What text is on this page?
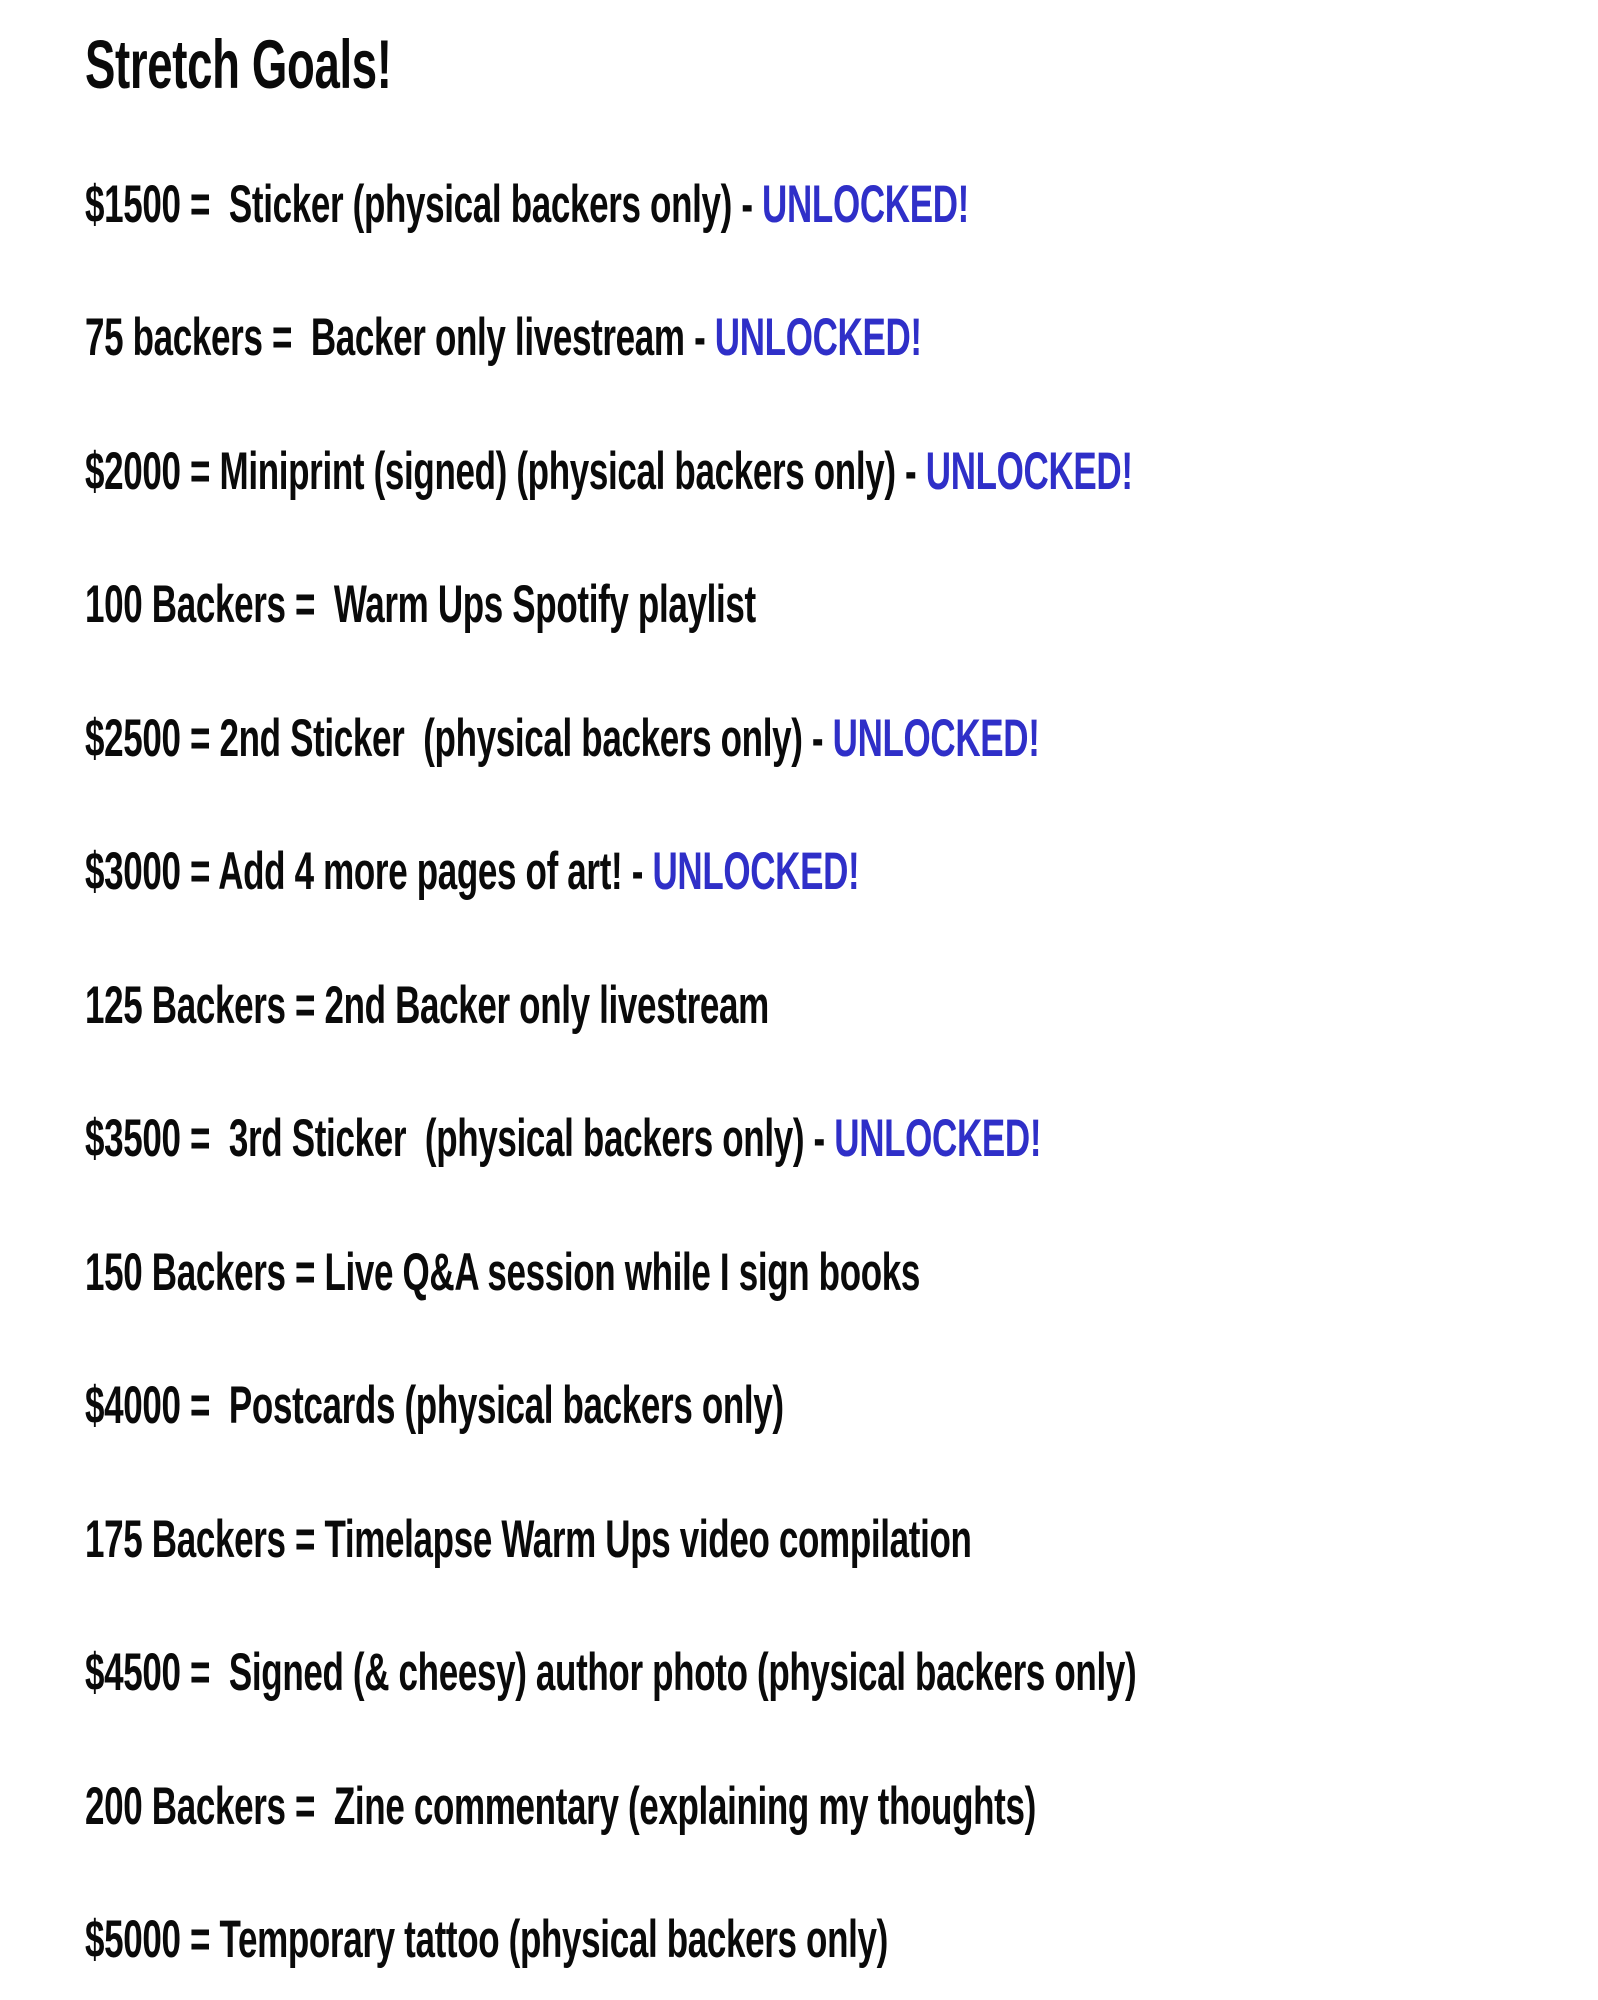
Stretch Goals!
$1500 =  Sticker (physical backers only) - UNLOCKED!
75 backers =  Backer only livestream - UNLOCKED!
$2000 = Miniprint (signed) (physical backers only) - UNLOCKED!
100 Backers =  Warm Ups Spotify playlist
$2500 = 2nd Sticker  (physical backers only) - UNLOCKED!
$3000 = Add 4 more pages of art! - UNLOCKED!
125 Backers = 2nd Backer only livestream
$3500 =  3rd Sticker  (physical backers only) - UNLOCKED!
150 Backers = Live Q&A session while I sign books
$4000 =  Postcards (physical backers only)
175 Backers = Timelapse Warm Ups video compilation
$4500 =  Signed (& cheesy) author photo (physical backers only)
200 Backers =  Zine commentary (explaining my thoughts)
$5000 = Temporary tattoo (physical backers only)
